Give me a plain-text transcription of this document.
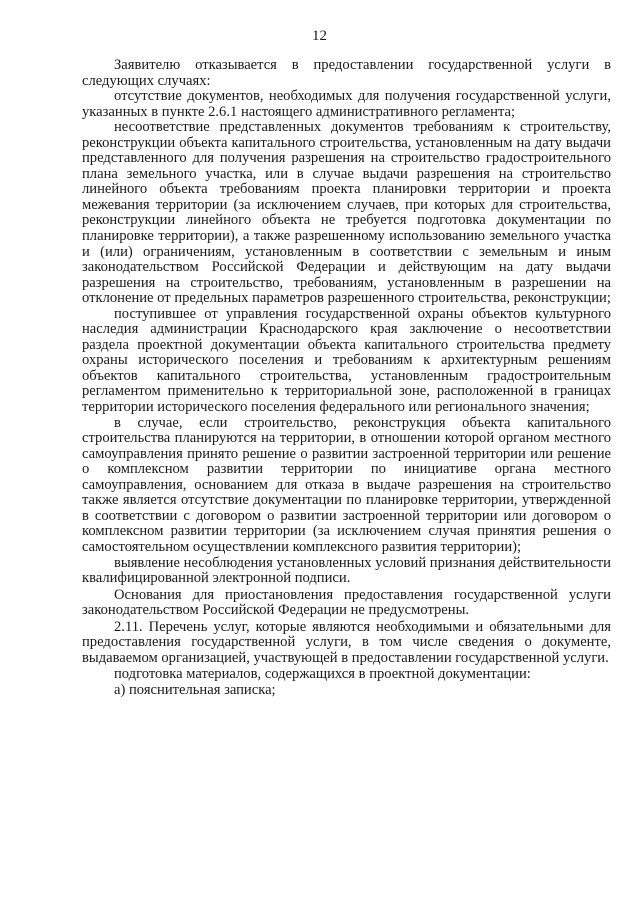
12

Заявителю отказывается в предоставлении государственной услуги в следующих случаях:

отсутствие документов, необходимых для получения государственной услуги, указанных в пункте 2.6.1 настоящего административного регламента;

несоответствие представленных документов требованиям к строительству, реконструкции объекта капитального строительства, установленным на дату выдачи представленного для получения разрешения на строительство градостроительного плана земельного участка, или в случае выдачи разрешения на строительство линейного объекта требованиям проекта планировки территории и проекта межевания территории (за исключением случаев, при которых для строительства, реконструкции линейного объекта не требуется подготовка документации по планировке территории), а также разрешенному использованию земельного участка и (или) ограничениям, установленным в соответствии с земельным и иным законодательством Российской Федерации и действующим на дату выдачи разрешения на строительство, требованиям, установленным в разрешении на отклонение от предельных параметров разрешенного строительства, реконструкции;

поступившее от управления государственной охраны объектов культурного наследия администрации Краснодарского края заключение о несоответствии раздела проектной документации объекта капитального строительства предмету охраны исторического поселения и требованиям к архитектурным решениям объектов капитального строительства, установленным градостроительным регламентом применительно к территориальной зоне, расположенной в границах территории исторического поселения федерального или регионального значения;

в случае, если строительство, реконструкция объекта капитального строительства планируются на территории, в отношении которой органом местного самоуправления принято решение о развитии застроенной территории или решение о комплексном развитии территории по инициативе органа местного самоуправления, основанием для отказа в выдаче разрешения на строительство также является отсутствие документации по планировке территории, утвержденной в соответствии с договором о развитии застроенной территории или договором о комплексном развитии территории (за исключением случая принятия решения о самостоятельном осуществлении комплексного развития территории);

выявление несоблюдения установленных условий признания действительности квалифицированной электронной подписи.

Основания для приостановления предоставления государственной услуги законодательством Российской Федерации не предусмотрены.

2.11. Перечень услуг, которые являются необходимыми и обязательными для предоставления государственной услуги, в том числе сведения о документе, выдаваемом организацией, участвующей в предоставлении государственной услуги.

подготовка материалов, содержащихся в проектной документации:

а) пояснительная записка;
